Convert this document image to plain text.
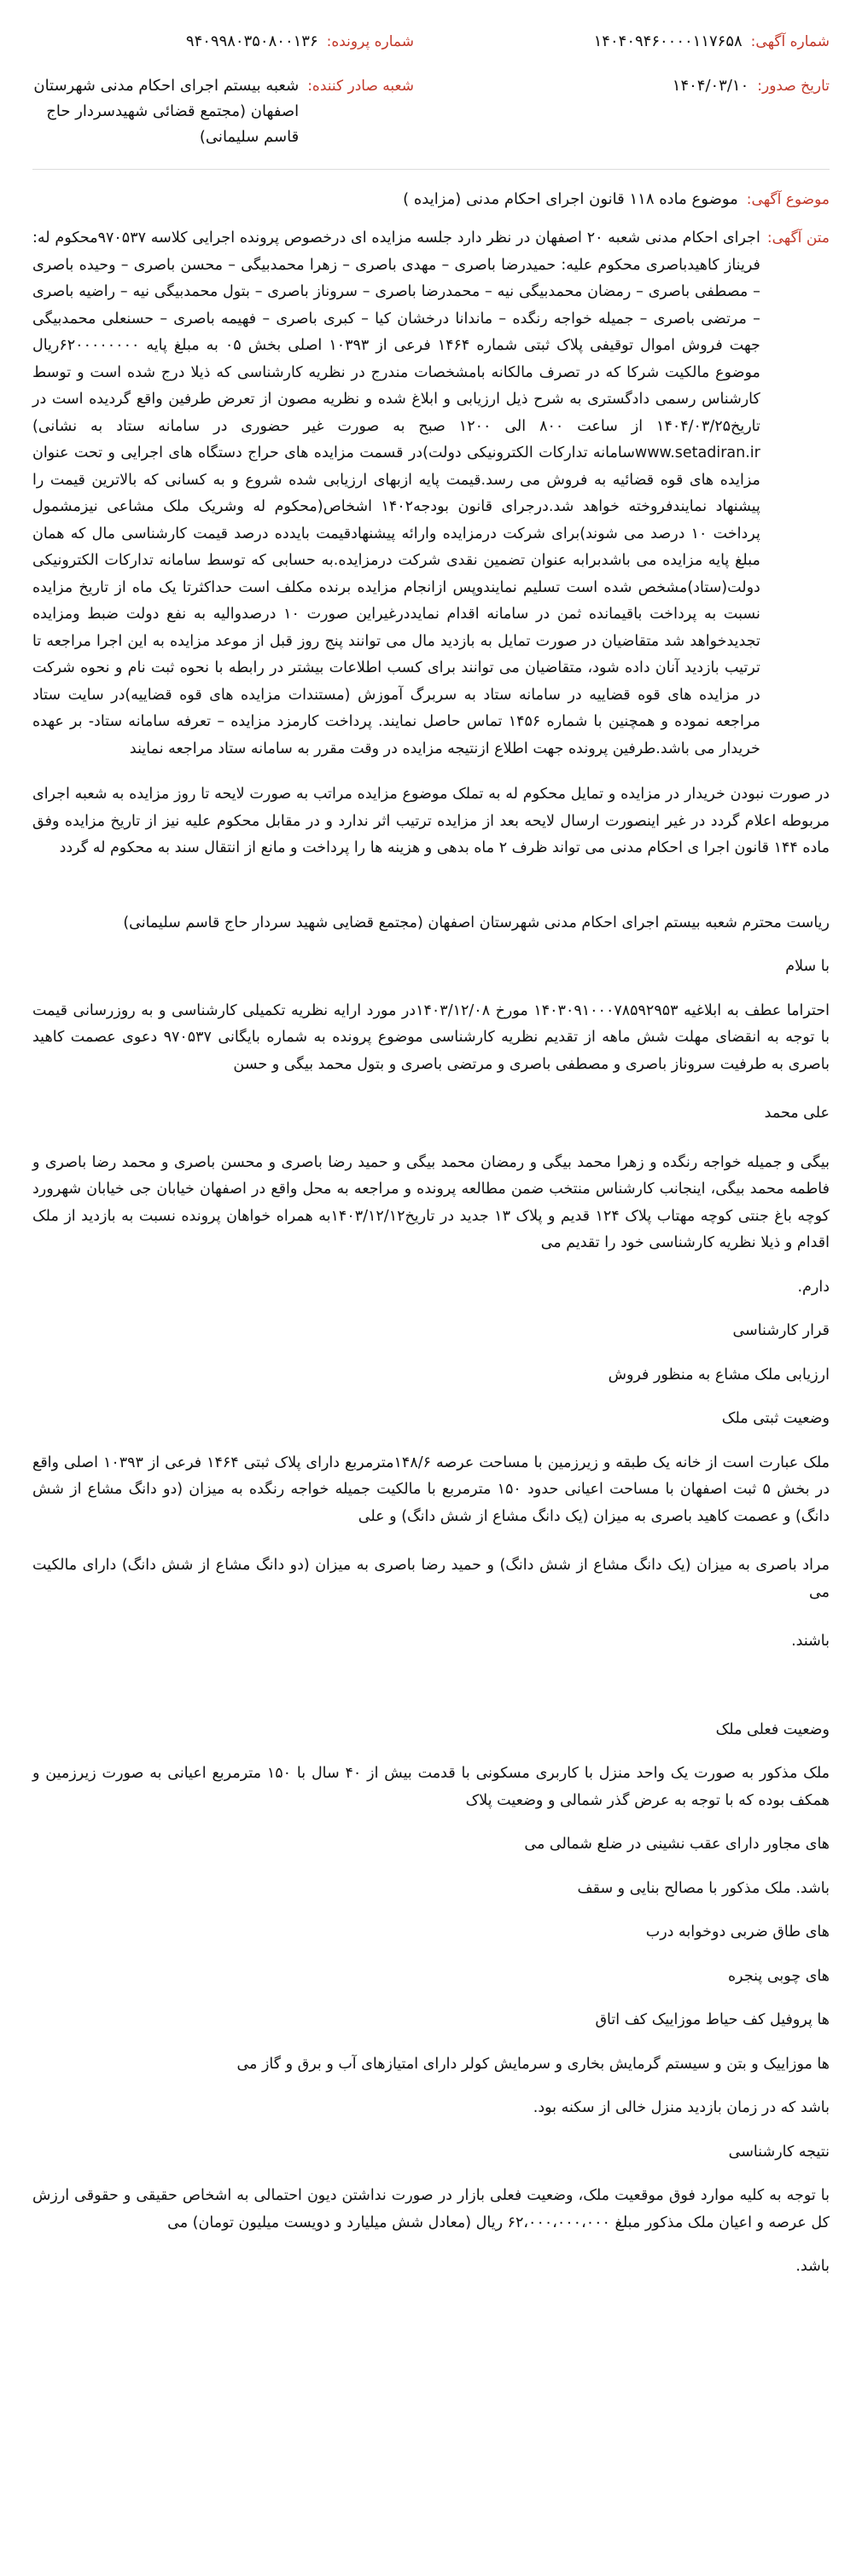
شماره آگهی:
۱۴۰۴۰۹۴۶۰۰۰۰۱۱۷۶۵۸
شماره پرونده:
۹۴۰۹۹۸۰۳۵۰۸۰۰۱۳۶
تاریخ صدور:
۱۴۰۴/۰۳/۱۰
شعبه صادر کننده:
شعبه بیستم اجرای احکام مدنی شهرستان اصفهان (مجتمع قضائی شهیدسردار حاج قاسم سلیمانی)
موضوع آگهی:
موضوع ماده ۱۱۸ قانون اجرای احکام مدنی (مزایده )
متن آگهی:

اجرای احکام مدنی شعبه ۲۰ اصفهان در نظر دارد جلسه مزایده ای درخصوص پرونده اجرایی کلاسه ۹۷۰۵۳۷محکوم له: فریناز کاهیدباصری محکوم علیه: حمیدرضا باصری – مهدی باصری – زهرا محمدبیگی – محسن باصری – وحیده باصری – مصطفی باصری – رمضان محمدبیگی نیه – محمدرضا باصری – سروناز باصری – بتول محمدبیگی نیه – راضیه باصری – مرتضی باصری – جمیله خواجه رنگده – ماندانا درخشان کیا – کبری باصری – فهیمه باصری – حسنعلی محمدبیگی جهت فروش اموال توقیفی پلاک ثبتی شماره ۱۴۶۴ فرعی از ۱۰۳۹۳ اصلی بخش ۰۵ به مبلغ پایه ۶۲۰۰۰۰۰۰۰۰ریال موضوع مالکیت شرکا که در تصرف مالکانه بامشخصات مندرج در نظریه کارشناسی که ذیلا درج شده است و توسط کارشناس رسمی دادگستری به شرح ذیل ارزیابی و ابلاغ شده و نظریه مصون از تعرض طرفین واقع گردیده است در تاریخ۱۴۰۴/۰۳/۲۵ از ساعت ۸۰۰ الی ۱۲۰۰ صبح به صورت غیر حضوری در سامانه ستاد به نشانی) www.setadiran.irسامانه تدارکات الکترونیکی دولت)در قسمت مزایده های حراج دستگاه های اجرایی و تحت عنوان مزایده های قوه قضائیه به فروش می رسد.قیمت پایه ازبهای ارزیابی شده شروع و به کسانی که بالاترین قیمت را پیشنهاد نمایندفروخته خواهد شد.درجرای قانون بودجه۱۴۰۲ اشخاص(محکوم له وشریک ملک مشاعی نیزمشمول پرداخت ۱۰ درصد می شوند)برای شرکت درمزایده وارائه پیشنهادقیمت بایدده درصد قیمت کارشناسی مال که همان مبلغ پایه مزایده می باشدبرابه عنوان تضمین نقدی شرکت درمزایده.به حسابی که توسط سامانه تدارکات الکترونیکی دولت(ستاد)مشخص شده است تسلیم نمایندوپس ازانجام مزایده برنده مکلف است حداکثرتا یک ماه از تاریخ مزایده نسبت به پرداخت باقیمانده ثمن در سامانه اقدام نمایددرغیراین صورت ۱۰ درصدوالیه به نفع دولت ضبط ومزایده تجدیدخواهد شد متقاضیان در صورت تمایل به بازدید مال می توانند پنج روز قبل از موعد مزایده به این اجرا مراجعه تا ترتیب بازدید آنان داده شود، متقاضیان می توانند برای کسب اطلاعات بیشتر در رابطه با نحوه ثبت نام و نحوه شرکت در مزایده های قوه قضاییه در سامانه ستاد به سربرگ آموزش (مستندات مزایده های قوه قضاییه)در سایت ستاد مراجعه نموده و همچنین با شماره ۱۴۵۶ تماس حاصل نمایند. پرداخت کارمزد مزایده – تعرفه سامانه ستاد- بر عهده خریدار می باشد.طرفین پرونده جهت اطلاع ازنتیجه مزایده در وقت مقرر به سامانه ستاد مراجعه نمایند

در صورت نبودن خریدار در مزایده و تمایل محکوم له به تملک موضوع مزایده مراتب به صورت لایحه تا روز مزایده به شعبه اجرای مربوطه اعلام گردد در غیر اینصورت ارسال لایحه بعد از مزایده ترتیب اثر ندارد و در مقابل محکوم علیه نیز از تاریخ مزایده وفق ماده ۱۴۴ قانون اجرا ی احکام مدنی می تواند ظرف ۲ ماه بدهی و هزینه ها را پرداخت و مانع از انتقال سند به محکوم له گردد

ریاست محترم شعبه بیستم اجرای احکام مدنی شهرستان اصفهان (مجتمع قضایی شهید سردار حاج قاسم سلیمانی)

با سلام

احتراما عطف به ابلاغیه ۱۴۰۳۰۹۱۰۰۰۷۸۵۹۲۹۵۳ مورخ ۱۴۰۳/۱۲/۰۸در مورد ارایه نظریه تکمیلی کارشناسی و به روزرسانی قیمت با توجه به انقضای مهلت شش ماهه از تقدیم نظریه کارشناسی موضوع پرونده به شماره بایگانی ۹۷۰۵۳۷ دعوی عصمت کاهید باصری به طرفیت سروناز باصری و مصطفی باصری و مرتضی باصری و بتول محمد بیگی و حسن

علی محمد

بیگی و جمیله خواجه رنگده و زهرا محمد بیگی و رمضان محمد بیگی و حمید رضا باصری و محسن باصری و محمد رضا باصری و فاطمه محمد بیگی، اینجانب کارشناس منتخب ضمن مطالعه پرونده و مراجعه به محل واقع در اصفهان خیابان جی خیابان شهرورد کوچه باغ جنتی کوچه مهتاب پلاک ۱۲۴ قدیم و پلاک ۱۳ جدید در تاریخ۱۴۰۳/۱۲/۱۲به همراه خواهان پرونده نسبت به بازدید از ملک اقدام و ذیلا نظریه کارشناسی خود را تقدیم می

دارم.

قرار کارشناسی

ارزیابی ملک مشاع به منظور فروش

وضعیت ثبتی ملک

ملک عبارت است از خانه یک طبقه و زیرزمین با مساحت عرصه ۱۴۸/۶مترمربع دارای پلاک ثبتی ۱۴۶۴ فرعی از ۱۰۳۹۳ اصلی واقع در بخش ۵ ثبت اصفهان با مساحت اعیانی حدود ۱۵۰ مترمربع با مالکیت جمیله خواجه رنگده به میزان (دو دانگ مشاع از شش دانگ) و عصمت کاهید باصری به میزان (یک دانگ مشاع از شش دانگ) و علی

مراد باصری به میزان (یک دانگ مشاع از شش دانگ) و حمید رضا باصری به میزان (دو دانگ مشاع از شش دانگ) دارای مالکیت می

باشند.

وضعیت فعلی ملک

ملک مذکور به صورت یک واحد منزل با کاربری مسکونی با قدمت بیش از ۴۰ سال با ۱۵۰ مترمربع اعیانی به صورت زیرزمین و همکف بوده که با توجه به عرض گذر شمالی و وضعیت پلاک

های مجاور دارای عقب نشینی در ضلع شمالی می

باشد. ملک مذکور با مصالح بنایی و سقف

های طاق ضربی دوخوابه درب

های چوبی پنجره

ها پروفیل کف حیاط موزاییک کف اتاق

ها موزاییک و بتن و سیستم گرمایش بخاری و سرمایش کولر دارای امتیازهای آب و برق و گاز می

باشد که در زمان بازدید منزل خالی از سکنه بود.

نتیجه کارشناسی

با توجه به کلیه موارد فوق موقعیت ملک، وضعیت فعلی بازار در صورت نداشتن دیون احتمالی به اشخاص حقیقی و حقوقی ارزش کل عرصه و اعیان ملک مذکور مبلغ ۶۲،۰۰۰،۰۰۰،۰۰۰ ریال (معادل شش میلیارد و دویست میلیون تومان) می

باشد.
